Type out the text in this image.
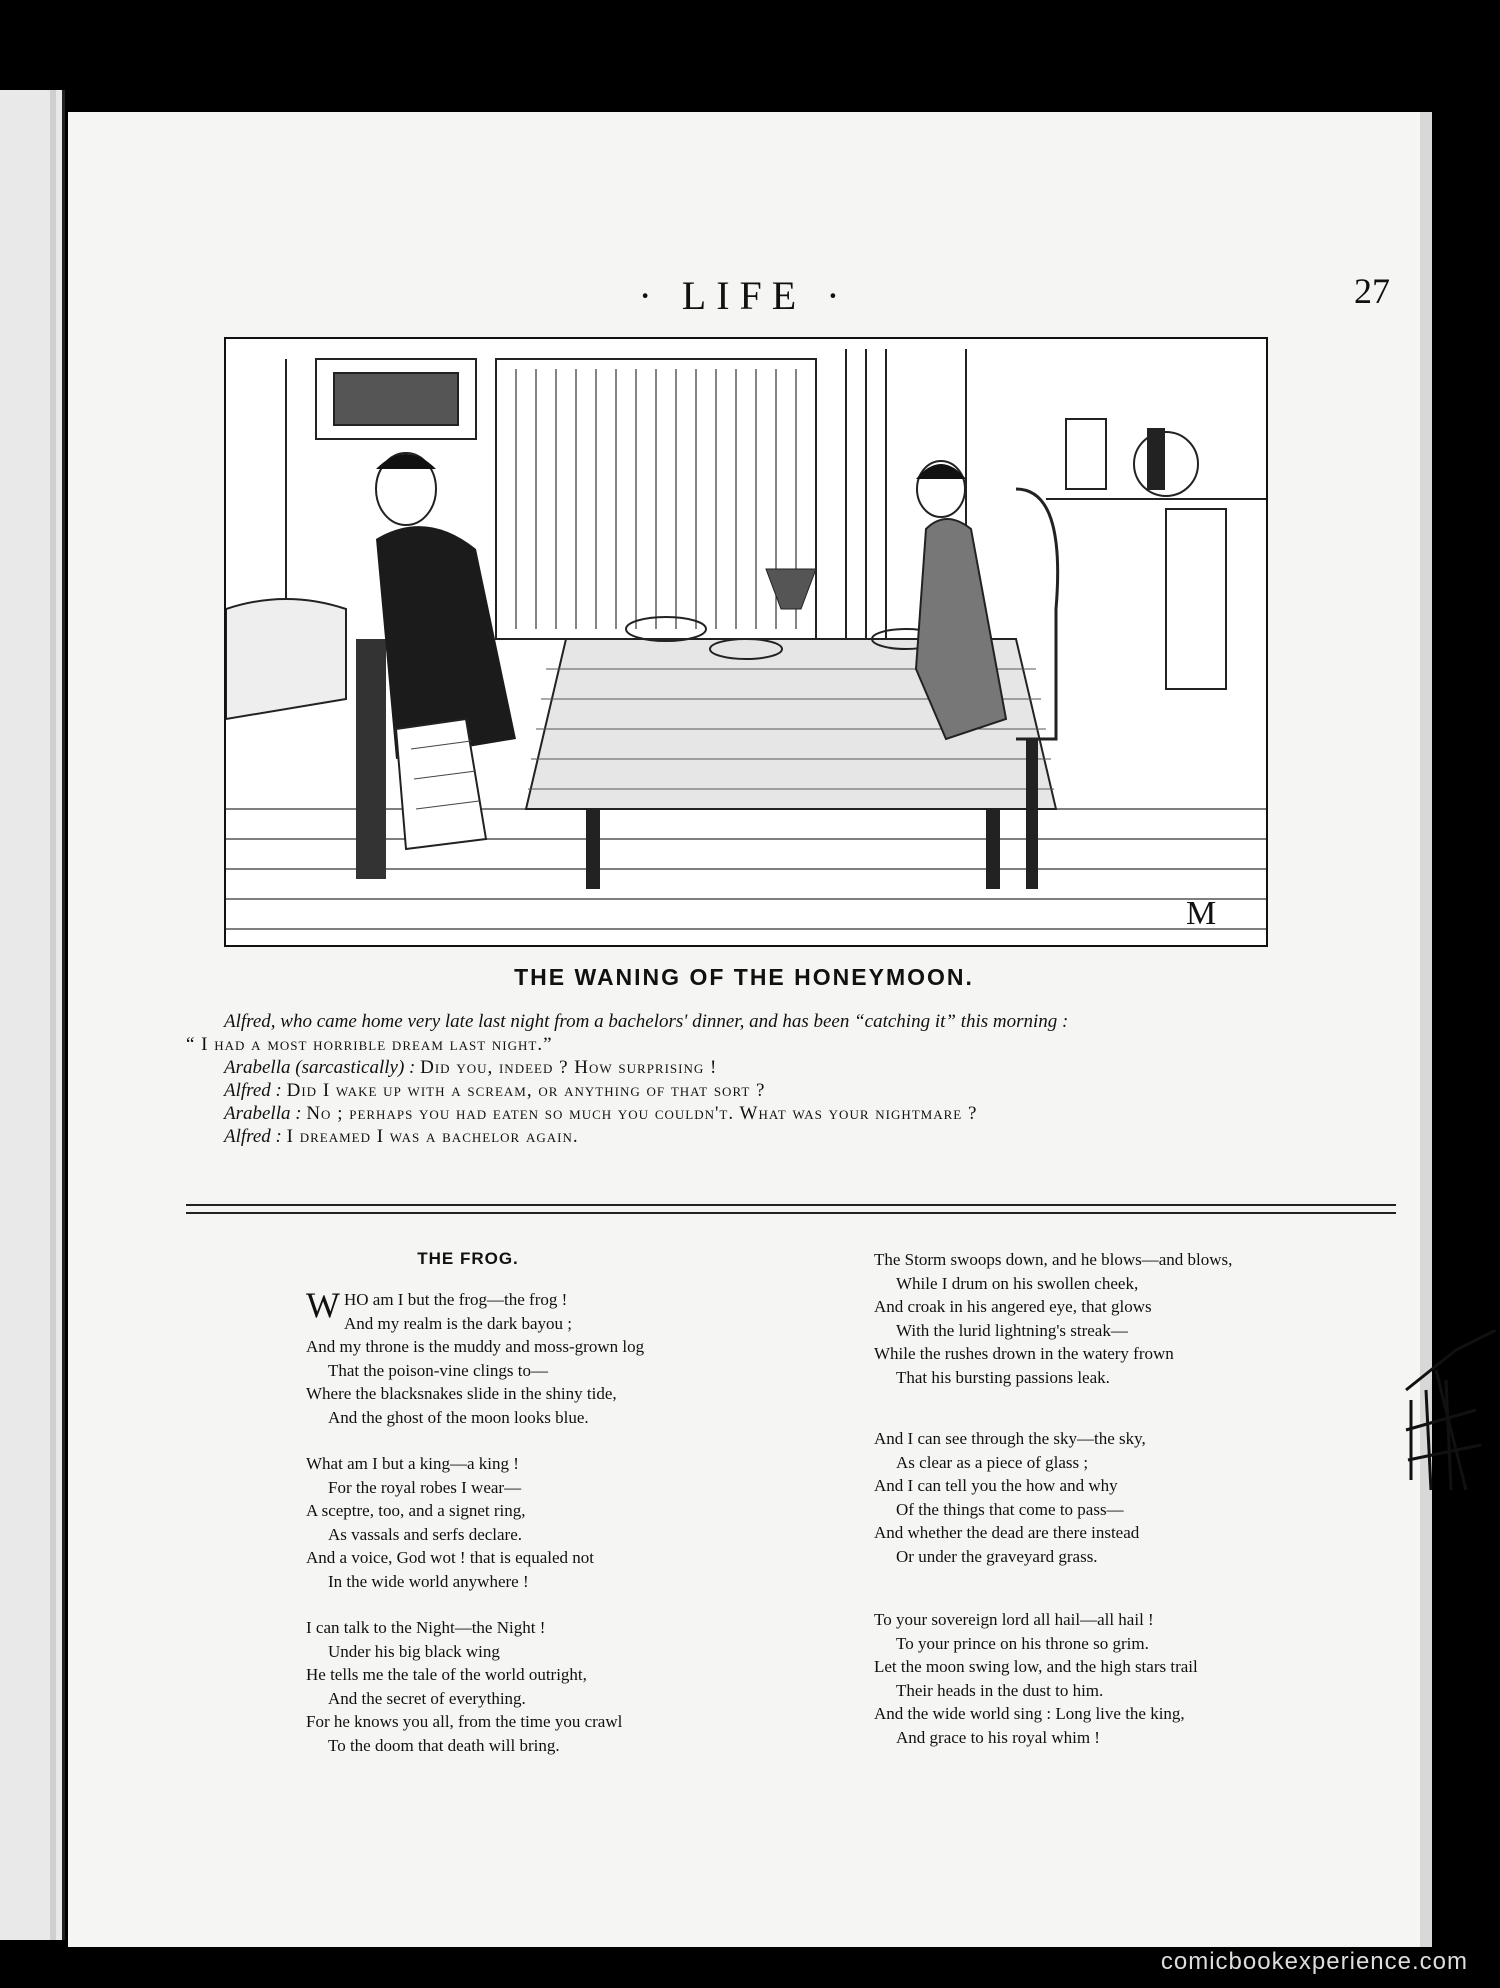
· LIFE ·	27
M
THE WANING OF THE HONEYMOON.
Alfred, who came home very late last night from a bachelors' dinner, and has been “catching it” this morning :
“ I had a most horrible dream last night.”
Arabella (sarcastically) : Did you, indeed ? How surprising !
Alfred : Did I wake up with a scream, or anything of that sort ?
Arabella : No ; perhaps you had eaten so much you couldn't. What was your nightmare ?
Alfred : I dreamed I was a bachelor again.
THE FROG.
WHO am I but the frog—the frog !
And my realm is the dark bayou ;
And my throne is the muddy and moss-grown log
That the poison-vine clings to—
Where the blacksnakes slide in the shiny tide,
And the ghost of the moon looks blue.
What am I but a king—a king !
For the royal robes I wear—
A sceptre, too, and a signet ring,
As vassals and serfs declare.
And a voice, God wot ! that is equaled not
In the wide world anywhere !
I can talk to the Night—the Night !
Under his big black wing
He tells me the tale of the world outright,
And the secret of everything.
For he knows you all, from the time you crawl
To the doom that death will bring.
The Storm swoops down, and he blows—and blows,
While I drum on his swollen cheek,
And croak in his angered eye, that glows
With the lurid lightning's streak—
While the rushes drown in the watery frown
That his bursting passions leak.
And I can see through the sky—the sky,
As clear as a piece of glass ;
And I can tell you the how and why
Of the things that come to pass—
And whether the dead are there instead
Or under the graveyard grass.
To your sovereign lord all hail—all hail !
To your prince on his throne so grim.
Let the moon swing low, and the high stars trail
Their heads in the dust to him.
And the wide world sing : Long live the king,
And grace to his royal whim !
comicbookexperience.com
